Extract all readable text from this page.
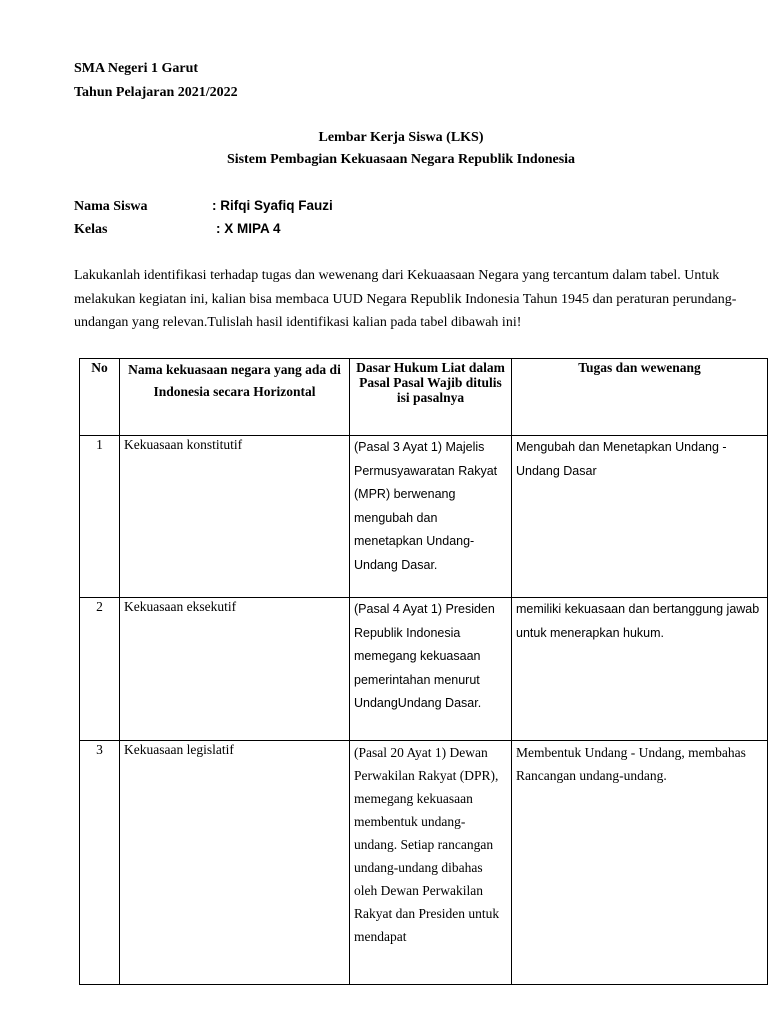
SMA Negeri 1 Garut
Tahun Pelajaran 2021/2022
Lembar Kerja Siswa (LKS)
Sistem Pembagian Kekuasaan Negara Republik Indonesia
Nama Siswa	: Rifqi Syafiq Fauzi
Kelas	: X MIPA 4
Lakukanlah identifikasi terhadap tugas dan wewenang dari Kekuaasaan Negara yang tercantum dalam tabel. Untuk melakukan kegiatan ini, kalian bisa membaca UUD Negara Republik Indonesia Tahun 1945 dan peraturan perundang-undangan yang relevan.Tulislah hasil identifikasi kalian pada tabel dibawah ini!
No	Nama kekuasaan negara yang ada di Indonesia secara Horizontal	Dasar Hukum Liat dalam Pasal Pasal Wajib ditulis isi pasalnya	Tugas dan wewenang
1	Kekuasaan konstitutif	(Pasal 3 Ayat 1) Majelis Permusyawaratan Rakyat (MPR) berwenang mengubah dan menetapkan Undang- Undang Dasar.	Mengubah dan Menetapkan Undang - Undang Dasar
2	Kekuasaan eksekutif	(Pasal 4 Ayat 1) Presiden Republik Indonesia memegang kekuasaan pemerintahan menurut UndangUndang Dasar.	memiliki kekuasaan dan bertanggung jawab untuk menerapkan hukum.
3	Kekuasaan legislatif	(Pasal 20 Ayat 1) Dewan Perwakilan Rakyat (DPR), memegang kekuasaan membentuk undang-undang. Setiap rancangan undang-undang dibahas oleh Dewan Perwakilan Rakyat dan Presiden untuk mendapat	Membentuk Undang - Undang, membahas Rancangan undang-undang.
